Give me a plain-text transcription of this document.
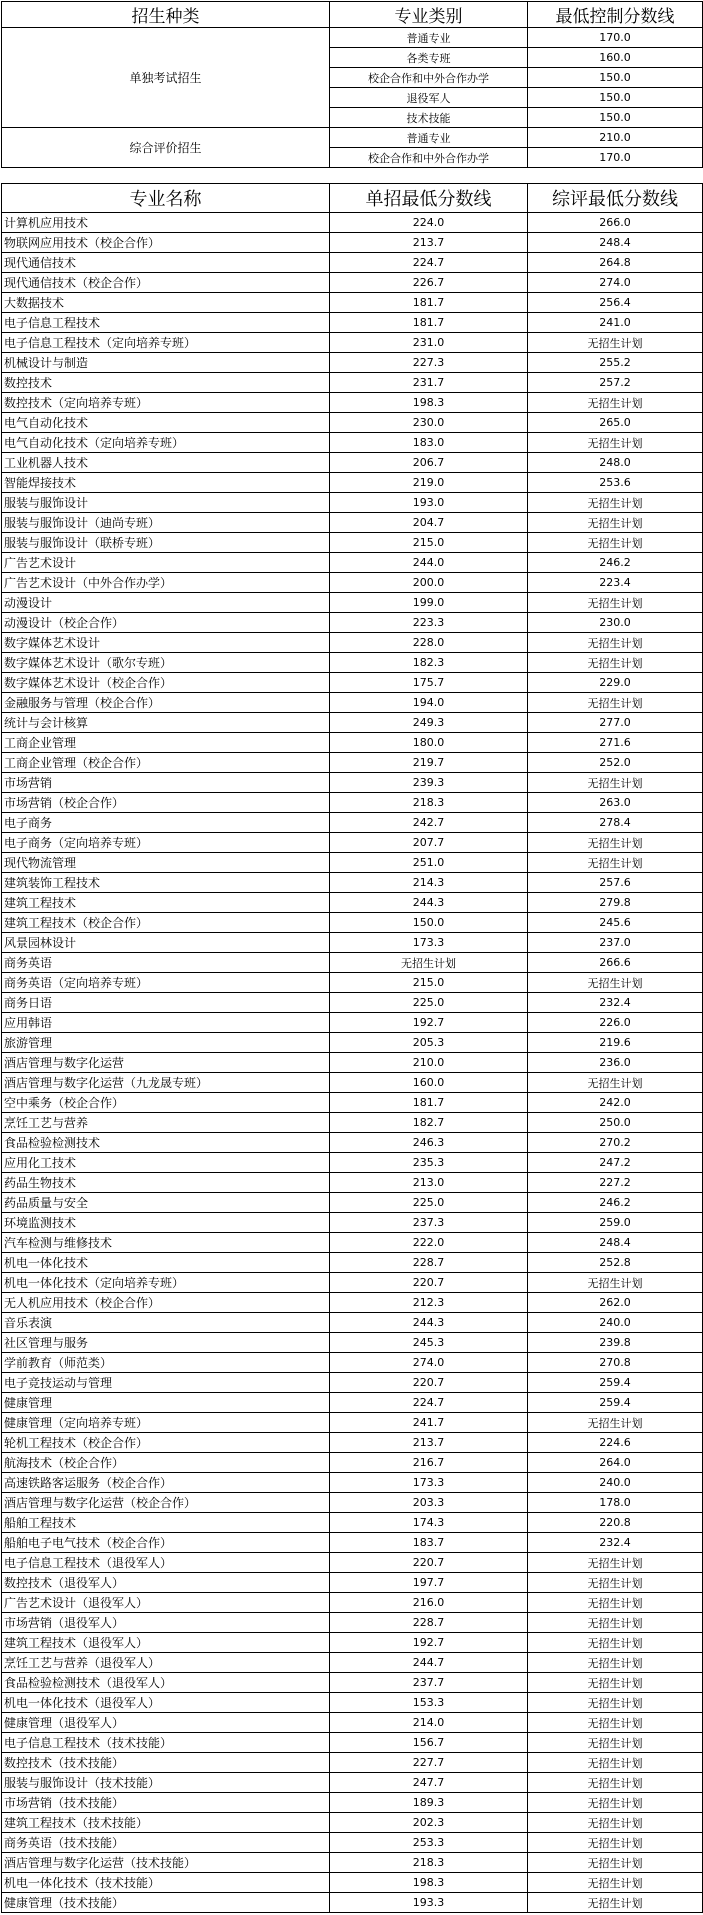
招生种类	专业类别	最低控制分数线
单独考试招生	普通专业	170.0
	各类专班	160.0
	校企合作和中外合作办学	150.0
	退役军人	150.0
	技术技能	150.0
综合评价招生	普通专业	210.0
	校企合作和中外合作办学	170.0
专业名称	单招最低分数线	综评最低分数线
计算机应用技术	224.0	266.0
物联网应用技术（校企合作）	213.7	248.4
现代通信技术	224.7	264.8
现代通信技术（校企合作）	226.7	274.0
大数据技术	181.7	256.4
电子信息工程技术	181.7	241.0
电子信息工程技术（定向培养专班）	231.0	无招生计划
机械设计与制造	227.3	255.2
数控技术	231.7	257.2
数控技术（定向培养专班）	198.3	无招生计划
电气自动化技术	230.0	265.0
电气自动化技术（定向培养专班）	183.0	无招生计划
工业机器人技术	206.7	248.0
智能焊接技术	219.0	253.6
服装与服饰设计	193.0	无招生计划
服装与服饰设计（迪尚专班）	204.7	无招生计划
服装与服饰设计（联桥专班）	215.0	无招生计划
广告艺术设计	244.0	246.2
广告艺术设计（中外合作办学）	200.0	223.4
动漫设计	199.0	无招生计划
动漫设计（校企合作）	223.3	230.0
数字媒体艺术设计	228.0	无招生计划
数字媒体艺术设计（歌尔专班）	182.3	无招生计划
数字媒体艺术设计（校企合作）	175.7	229.0
金融服务与管理（校企合作）	194.0	无招生计划
统计与会计核算	249.3	277.0
工商企业管理	180.0	271.6
工商企业管理（校企合作）	219.7	252.0
市场营销	239.3	无招生计划
市场营销（校企合作）	218.3	263.0
电子商务	242.7	278.4
电子商务（定向培养专班）	207.7	无招生计划
现代物流管理	251.0	无招生计划
建筑装饰工程技术	214.3	257.6
建筑工程技术	244.3	279.8
建筑工程技术（校企合作）	150.0	245.6
风景园林设计	173.3	237.0
商务英语	无招生计划	266.6
商务英语（定向培养专班）	215.0	无招生计划
商务日语	225.0	232.4
应用韩语	192.7	226.0
旅游管理	205.3	219.6
酒店管理与数字化运营	210.0	236.0
酒店管理与数字化运营（九龙晟专班）	160.0	无招生计划
空中乘务（校企合作）	181.7	242.0
烹饪工艺与营养	182.7	250.0
食品检验检测技术	246.3	270.2
应用化工技术	235.3	247.2
药品生物技术	213.0	227.2
药品质量与安全	225.0	246.2
环境监测技术	237.3	259.0
汽车检测与维修技术	222.0	248.4
机电一体化技术	228.7	252.8
机电一体化技术（定向培养专班）	220.7	无招生计划
无人机应用技术（校企合作）	212.3	262.0
音乐表演	244.3	240.0
社区管理与服务	245.3	239.8
学前教育（师范类）	274.0	270.8
电子竞技运动与管理	220.7	259.4
健康管理	224.7	259.4
健康管理（定向培养专班）	241.7	无招生计划
轮机工程技术（校企合作）	213.7	224.6
航海技术（校企合作）	216.7	264.0
高速铁路客运服务（校企合作）	173.3	240.0
酒店管理与数字化运营（校企合作）	203.3	178.0
船舶工程技术	174.3	220.8
船舶电子电气技术（校企合作）	183.7	232.4
电子信息工程技术（退役军人）	220.7	无招生计划
数控技术（退役军人）	197.7	无招生计划
广告艺术设计（退役军人）	216.0	无招生计划
市场营销（退役军人）	228.7	无招生计划
建筑工程技术（退役军人）	192.7	无招生计划
烹饪工艺与营养（退役军人）	244.7	无招生计划
食品检验检测技术（退役军人）	237.7	无招生计划
机电一体化技术（退役军人）	153.3	无招生计划
健康管理（退役军人）	214.0	无招生计划
电子信息工程技术（技术技能）	156.7	无招生计划
数控技术（技术技能）	227.7	无招生计划
服装与服饰设计（技术技能）	247.7	无招生计划
市场营销（技术技能）	189.3	无招生计划
建筑工程技术（技术技能）	202.3	无招生计划
商务英语（技术技能）	253.3	无招生计划
酒店管理与数字化运营（技术技能）	218.3	无招生计划
机电一体化技术（技术技能）	198.3	无招生计划
健康管理（技术技能）	193.3	无招生计划
